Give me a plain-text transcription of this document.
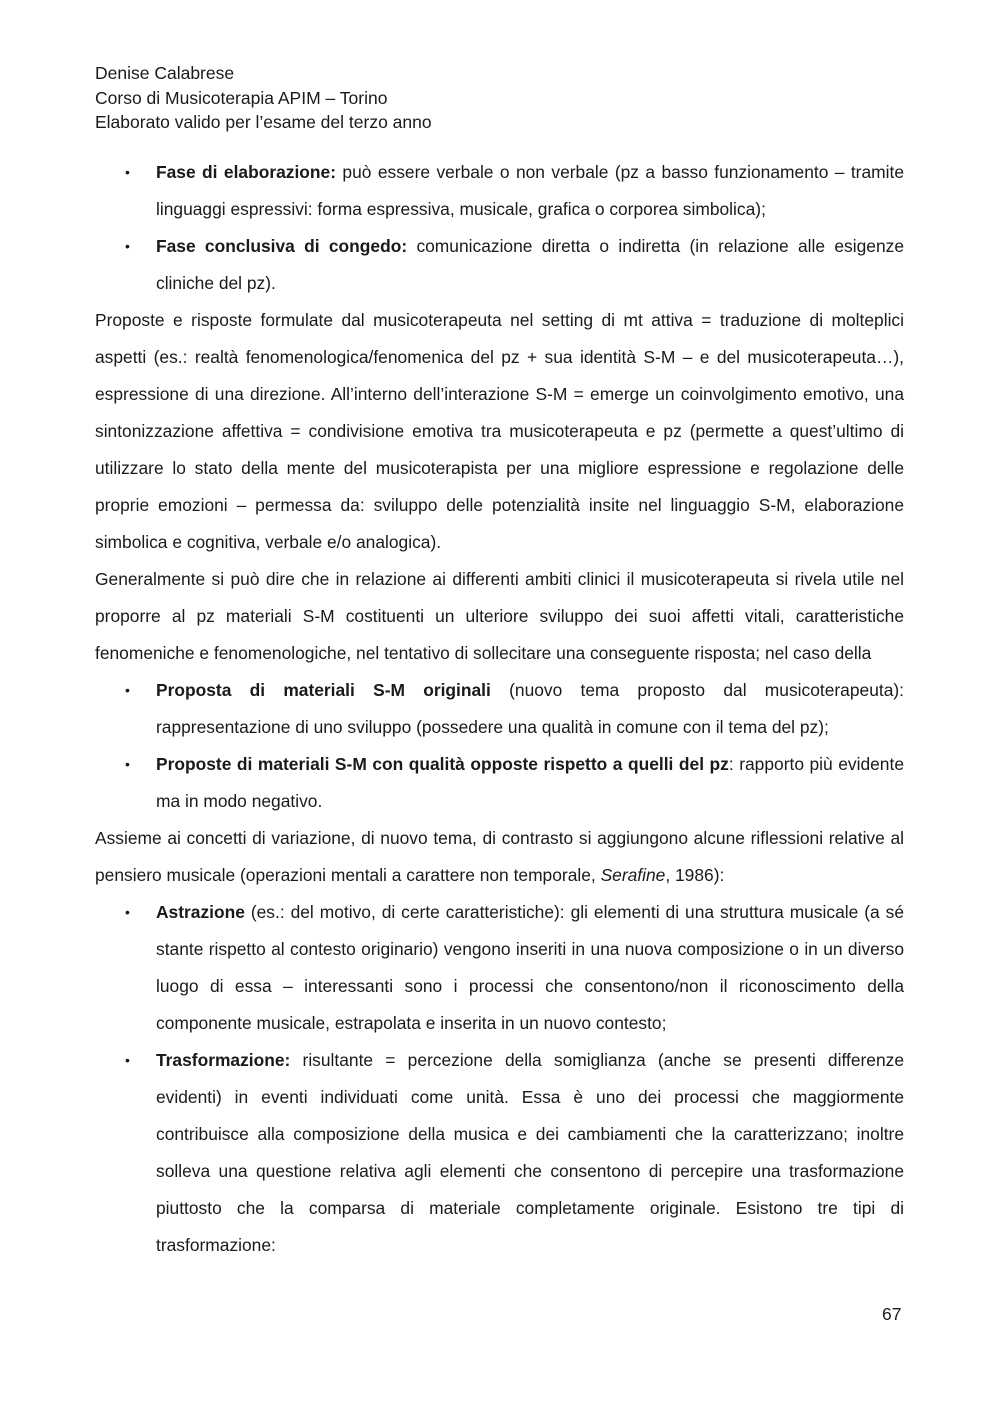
Denise Calabrese
Corso di Musicoterapia APIM – Torino
Elaborato valido per l’esame del terzo anno
• Fase di elaborazione: può essere verbale o non verbale (pz a basso funzionamento – tramite linguaggi espressivi: forma espressiva, musicale, grafica o corporea simbolica);
• Fase conclusiva di congedo: comunicazione diretta o indiretta (in relazione alle esigenze cliniche del pz).

Proposte e risposte formulate dal musicoterapeuta nel setting di mt attiva = traduzione di molteplici aspetti (es.: realtà fenomenologica/fenomenica del pz + sua identità S-M – e del musicoterapeuta…), espressione di una direzione. All’interno dell’interazione S-M = emerge un coinvolgimento emotivo, una sintonizzazione affettiva = condivisione emotiva tra musicoterapeuta e pz (permette a quest’ultimo di utilizzare lo stato della mente del musicoterapista per una migliore espressione e regolazione delle proprie emozioni – permessa da: sviluppo delle potenzialità insite nel linguaggio S-M, elaborazione simbolica e cognitiva, verbale e/o analogica).

Generalmente si può dire che in relazione ai differenti ambiti clinici il musicoterapeuta si rivela utile nel proporre al pz materiali S-M costituenti un ulteriore sviluppo dei suoi affetti vitali, caratteristiche fenomeniche e fenomenologiche, nel tentativo di sollecitare una conseguente risposta; nel caso della

• Proposta di materiali S-M originali (nuovo tema proposto dal musicoterapeuta): rappresentazione di uno sviluppo (possedere una qualità in comune con il tema del pz);
• Proposte di materiali S-M con qualità opposte rispetto a quelli del pz: rapporto più evidente ma in modo negativo.

Assieme ai concetti di variazione, di nuovo tema, di contrasto si aggiungono alcune riflessioni relative al pensiero musicale (operazioni mentali a carattere non temporale, Serafine, 1986):

• Astrazione (es.: del motivo, di certe caratteristiche): gli elementi di una struttura musicale (a sé stante rispetto al contesto originario) vengono inseriti in una nuova composizione o in un diverso luogo di essa – interessanti sono i processi che consentono/non il riconoscimento della componente musicale, estrapolata e inserita in un nuovo contesto;
• Trasformazione: risultante = percezione della somiglianza (anche se presenti differenze evidenti) in eventi individuati come unità. Essa è uno dei processi che maggiormente contribuisce alla composizione della musica e dei cambiamenti che la caratterizzano; inoltre solleva una questione relativa agli elementi che consentono di percepire una trasformazione piuttosto che la comparsa di materiale completamente originale. Esistono tre tipi di trasformazione:
67
